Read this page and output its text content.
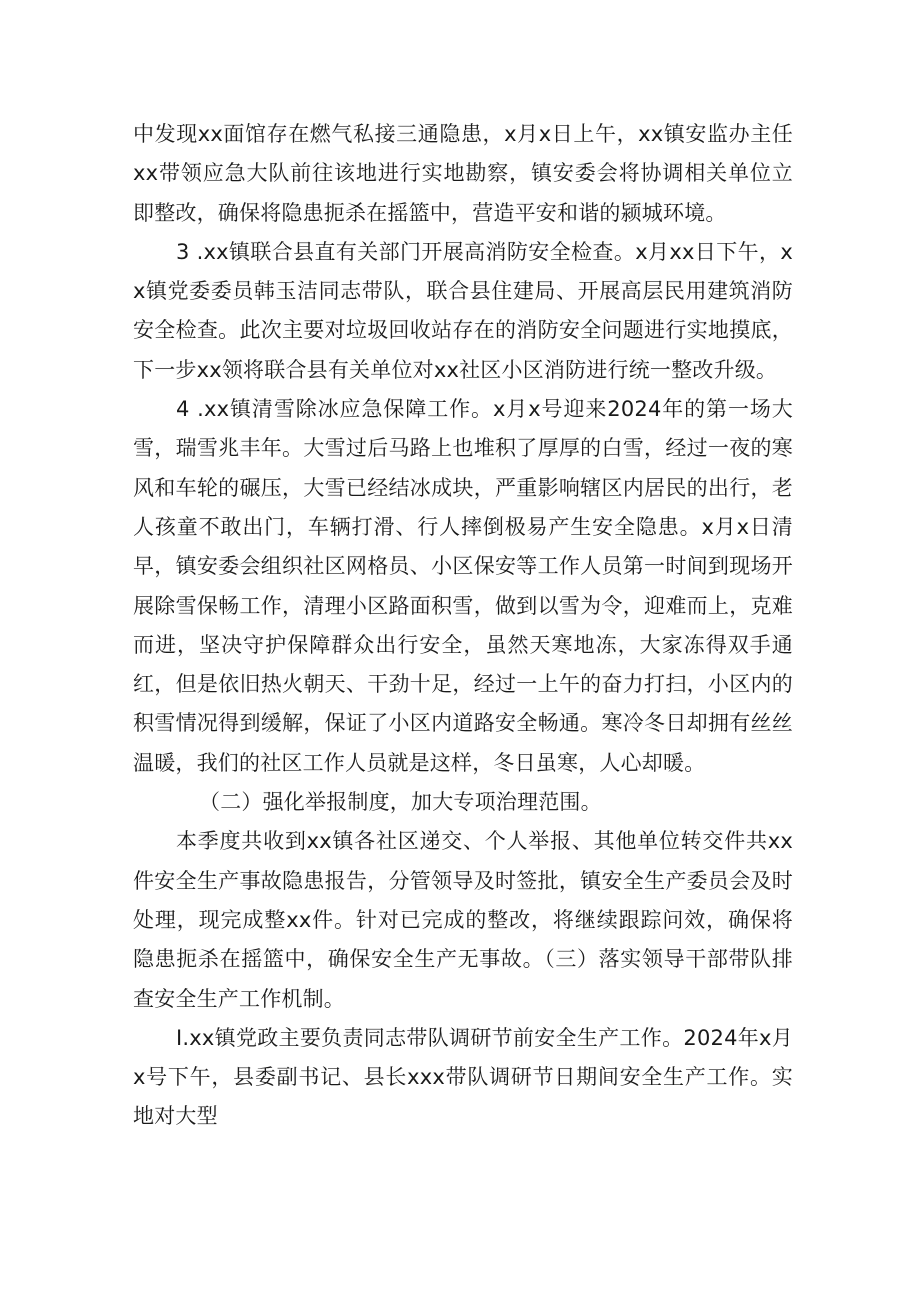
中发现xx面馆存在燃气私接三通隐患，x月x日上午，xx镇安监办主任xx带领应急大队前往该地进行实地勘察，镇安委会将协调相关单位立即整改，确保将隐患扼杀在摇篮中，营造平安和谐的颍城环境。

3 .xx镇联合县直有关部门开展高消防安全检查。x月xx日下午，xx镇党委委员韩玉洁同志带队，联合县住建局、开展高层民用建筑消防安全检查。此次主要对垃圾回收站存在的消防安全问题进行实地摸底，下一步xx领将联合县有关单位对xx社区小区消防进行统一整改升级。

4 .xx镇清雪除冰应急保障工作。x月x号迎来2024年的第一场大雪，瑞雪兆丰年。大雪过后马路上也堆积了厚厚的白雪，经过一夜的寒风和车轮的碾压，大雪已经结冰成块，严重影响辖区内居民的出行，老人孩童不敢出门，车辆打滑、行人摔倒极易产生安全隐患。x月x日清早，镇安委会组织社区网格员、小区保安等工作人员第一时间到现场开展除雪保畅工作，清理小区路面积雪，做到以雪为令，迎难而上，克难而进，坚决守护保障群众出行安全，虽然天寒地冻，大家冻得双手通红，但是依旧热火朝天、干劲十足，经过一上午的奋力打扫，小区内的积雪情况得到缓解，保证了小区内道路安全畅通。寒冷冬日却拥有丝丝温暖，我们的社区工作人员就是这样，冬日虽寒，人心却暖。

（二）强化举报制度，加大专项治理范围。

本季度共收到xx镇各社区递交、个人举报、其他单位转交件共xx件安全生产事故隐患报告，分管领导及时签批，镇安全生产委员会及时处理，现完成整xx件。针对已完成的整改，将继续跟踪问效，确保将隐患扼杀在摇篮中，确保安全生产无事故。（三）落实领导干部带队排查安全生产工作机制。

I.xx镇党政主要负责同志带队调研节前安全生产工作。2024年x月x号下午，县委副书记、县长xxx带队调研节日期间安全生产工作。实地对大型
